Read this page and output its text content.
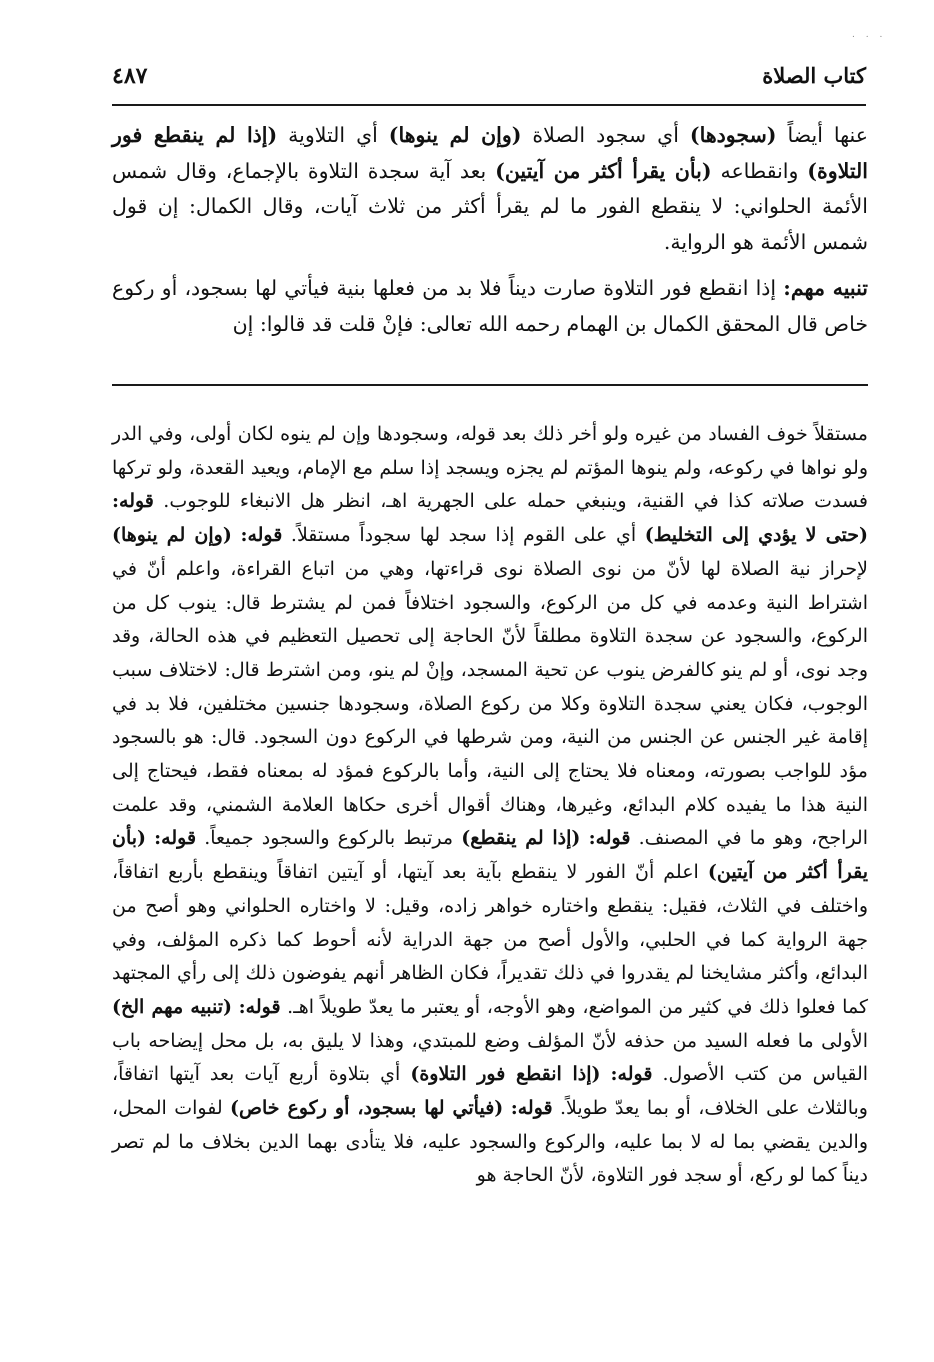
. . .
كتاب الصلاة
٤٨٧

عنها أيضاً (سجودها) أي سجود الصلاة (وإن لم ينوها) أي التلاوية (إذا لم ينقطع فور التلاوة) وانقطاعه (بأن يقرأ أكثر من آيتين) بعد آية سجدة التلاوة بالإجماع، وقال شمس الأئمة الحلواني: لا ينقطع الفور ما لم يقرأ أكثر من ثلاث آيات، وقال الكمال: إن قول شمس الأئمة هو الرواية.

تنبيه مهم: إذا انقطع فور التلاوة صارت ديناً فلا بد من فعلها بنية فيأتي لها بسجود، أو ركوع خاص قال المحقق الكمال بن الهمام رحمه الله تعالى: فإنْ قلت قد قالوا: إن

مستقلاً خوف الفساد من غيره ولو أخر ذلك بعد قوله، وسجودها وإن لم ينوه لكان أولى، وفي الدر ولو نواها في ركوعه، ولم ينوها المؤتم لم يجزه ويسجد إذا سلم مع الإمام، ويعيد القعدة، ولو تركها فسدت صلاته كذا في القنية، وينبغي حمله على الجهرية اهـ، انظر هل الانبغاء للوجوب. قوله: (حتى لا يؤدي إلى التخليط) أي على القوم إذا سجد لها سجوداً مستقلاً. قوله: (وإن لم ينوها) لإحراز نية الصلاة لها لأنّ من نوى الصلاة نوى قراءتها، وهي من اتباع القراءة، واعلم أنّ في اشتراط النية وعدمه في كل من الركوع، والسجود اختلافاً فمن لم يشترط قال: ينوب كل من الركوع، والسجود عن سجدة التلاوة مطلقاً لأنّ الحاجة إلى تحصيل التعظيم في هذه الحالة، وقد وجد نوى، أو لم ينو كالفرض ينوب عن تحية المسجد، وإنْ لم ينو، ومن اشترط قال: لاختلاف سبب الوجوب، فكان يعني سجدة التلاوة وكلا من ركوع الصلاة، وسجودها جنسين مختلفين، فلا بد في إقامة غير الجنس عن الجنس من النية، ومن شرطها في الركوع دون السجود. قال: هو بالسجود مؤد للواجب بصورته، ومعناه فلا يحتاج إلى النية، وأما بالركوع فمؤد له بمعناه فقط، فيحتاج إلى النية هذا ما يفيده كلام البدائع، وغيرها، وهناك أقوال أخرى حكاها العلامة الشمني، وقد علمت الراجح، وهو ما في المصنف. قوله: (إذا لم ينقطع) مرتبط بالركوع والسجود جميعاً. قوله: (بأن يقرأ أكثر من آيتين) اعلم أنّ الفور لا ينقطع بآية بعد آيتها، أو آيتين اتفاقاً وينقطع بأربع اتفاقاً، واختلف في الثلاث، فقيل: ينقطع واختاره خواهر زاده، وقيل: لا واختاره الحلواني وهو أصح من جهة الرواية كما في الحلبي، والأول أصح من جهة الدراية لأنه أحوط كما ذكره المؤلف، وفي البدائع، وأكثر مشايخنا لم يقدروا في ذلك تقديراً، فكان الظاهر أنهم يفوضون ذلك إلى رأي المجتهد كما فعلوا ذلك في كثير من المواضع، وهو الأوجه، أو يعتبر ما يعدّ طويلاً اهـ. قوله: (تنبيه مهم الخ) الأولى ما فعله السيد من حذفه لأنّ المؤلف وضع للمبتدي، وهذا لا يليق به، بل محل إيضاحه باب القياس من كتب الأصول. قوله: (إذا انقطع فور التلاوة) أي بتلاوة أربع آيات بعد آيتها اتفاقاً، وبالثلاث على الخلاف، أو بما يعدّ طويلاً. قوله: (فيأتي لها بسجود، أو ركوع خاص) لفوات المحل، والدين يقضي بما له لا بما عليه، والركوع والسجود عليه، فلا يتأدى بهما الدين بخلاف ما لم تصر ديناً كما لو ركع، أو سجد فور التلاوة، لأنّ الحاجة هو
